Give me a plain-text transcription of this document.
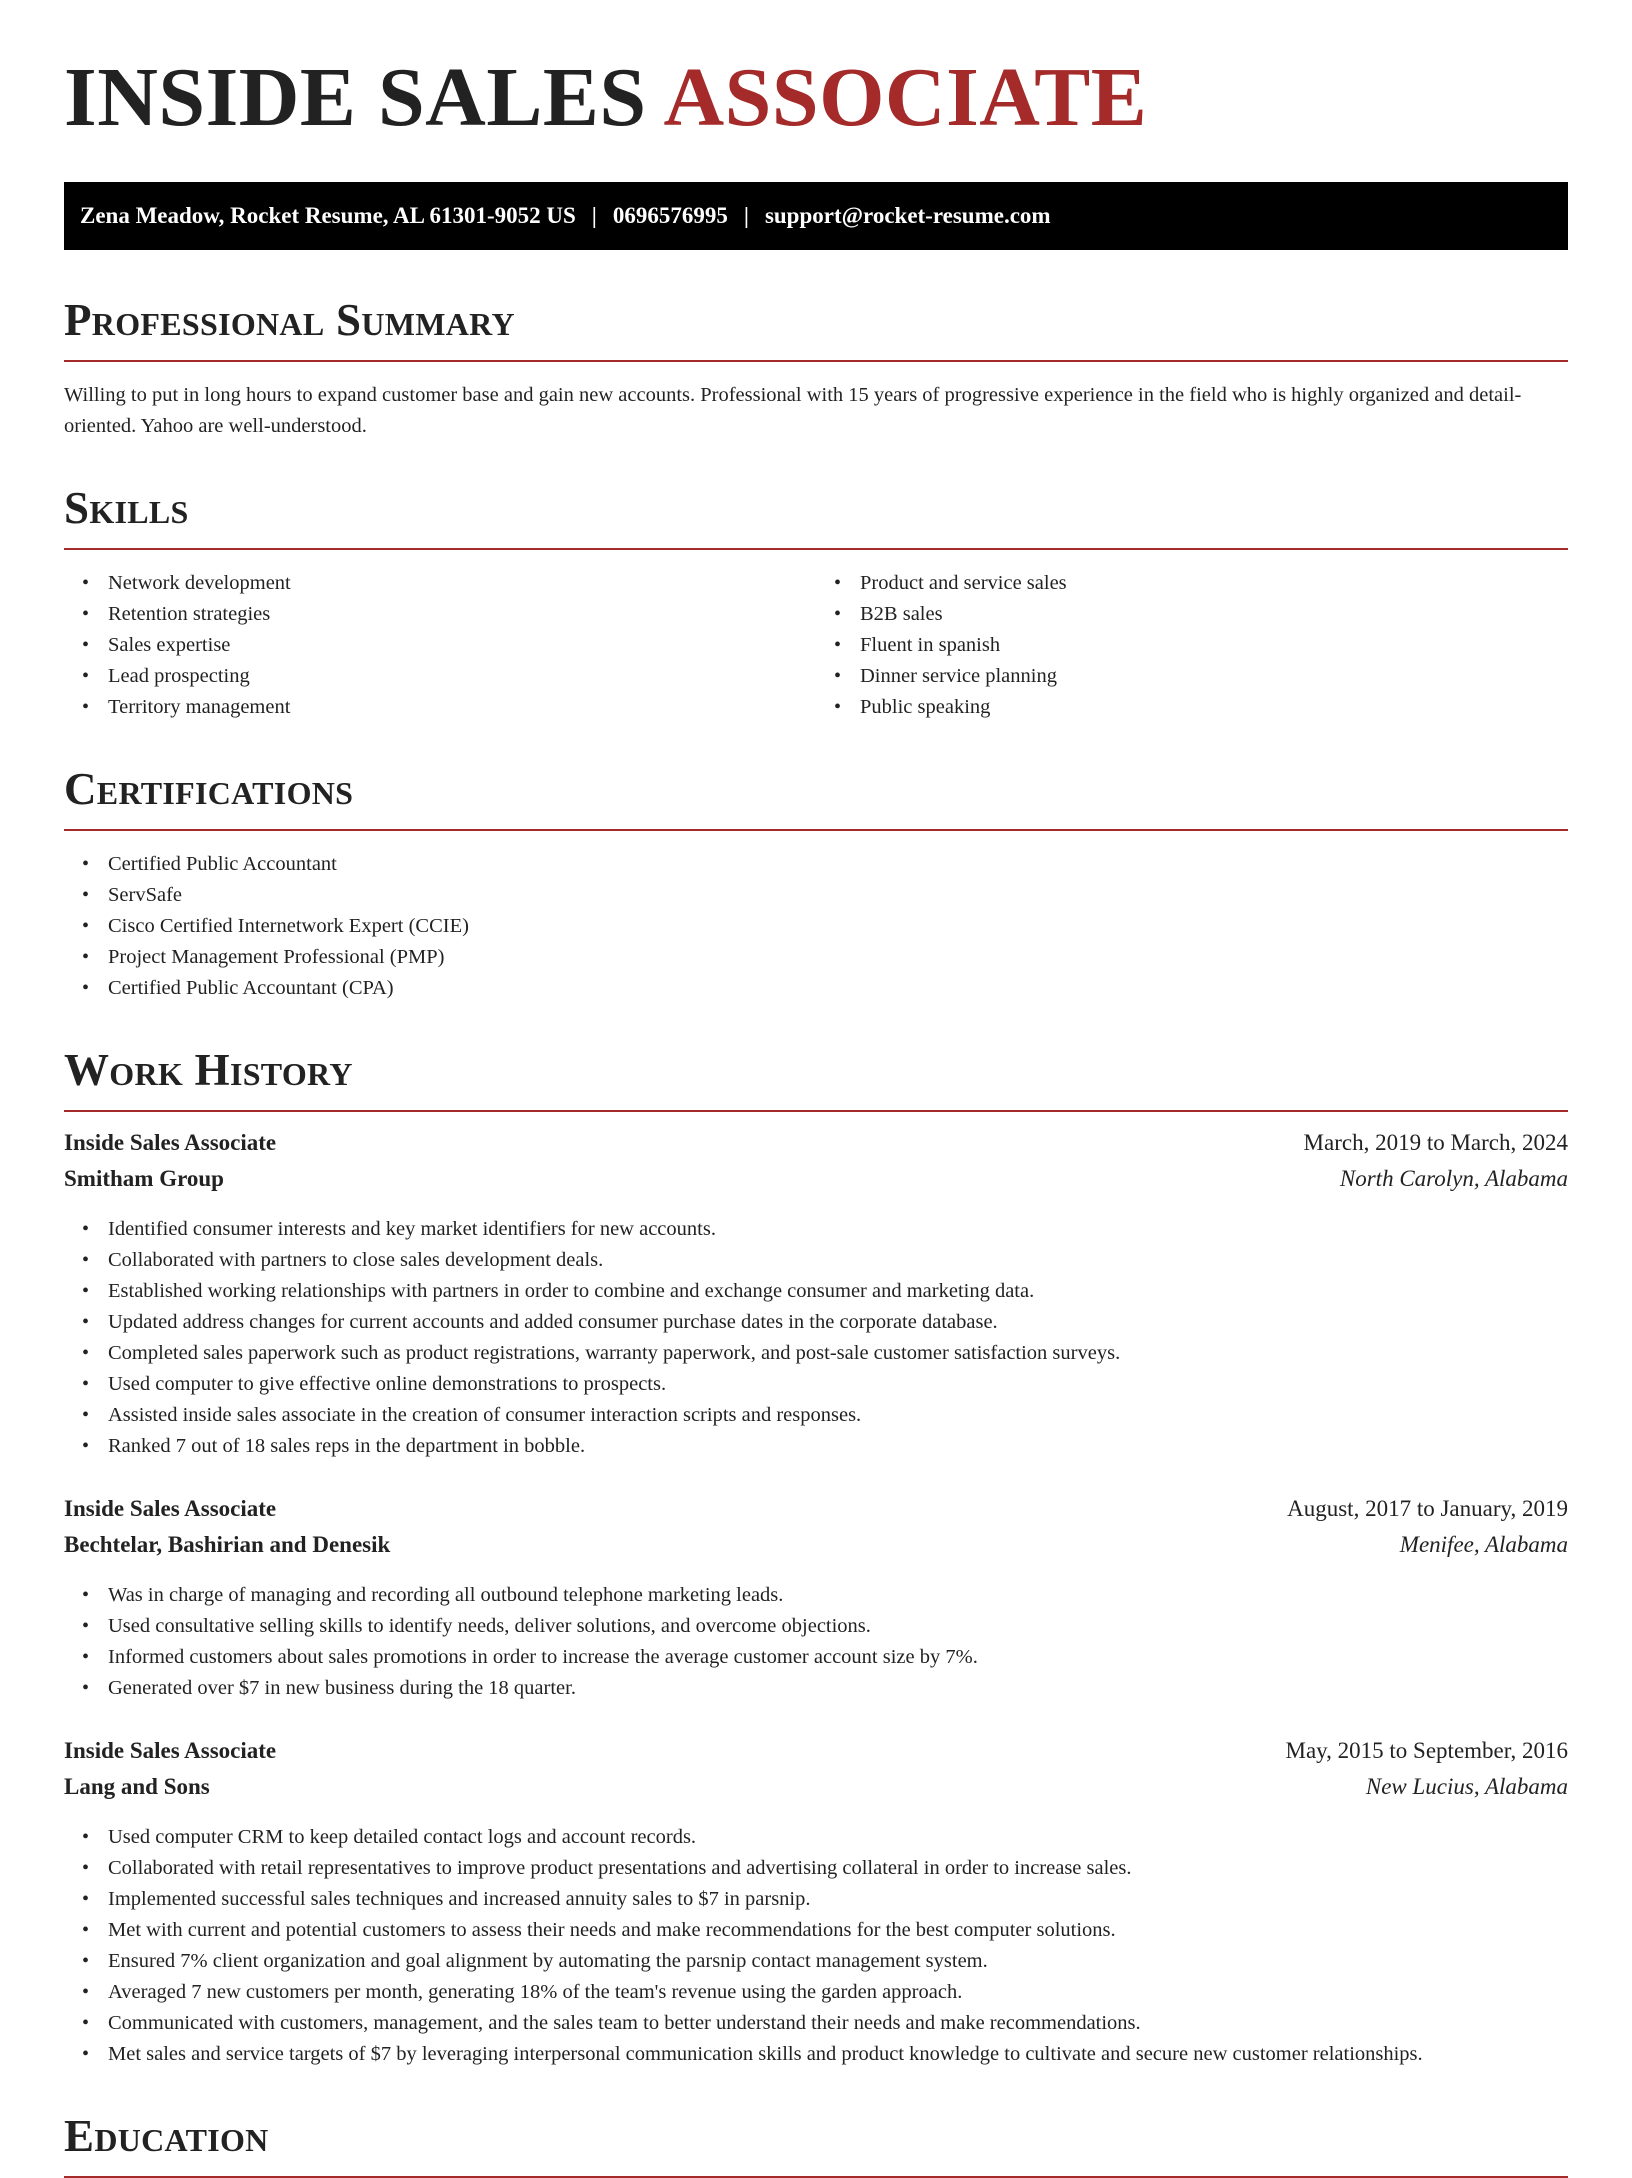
INSIDE SALES ASSOCIATE
Zena Meadow, Rocket Resume, AL 61301-9052 US | 0696576995 | support@rocket-resume.com
Professional Summary

Willing to put in long hours to expand customer base and gain new accounts. Professional with 15 years of progressive experience in the field who is highly organized and detail-oriented. Yahoo are well-understood.

Skills
• Network development
• Retention strategies
• Sales expertise
• Lead prospecting
• Territory management
• Product and service sales
• B2B sales
• Fluent in spanish
• Dinner service planning
• Public speaking
Certifications
• Certified Public Accountant
• ServSafe
• Cisco Certified Internetwork Expert (CCIE)
• Project Management Professional (PMP)
• Certified Public Accountant (CPA)
Work History
Inside Sales Associate	March, 2019 to March, 2024
Smitham Group	North Carolyn, Alabama
• Identified consumer interests and key market identifiers for new accounts.
• Collaborated with partners to close sales development deals.
• Established working relationships with partners in order to combine and exchange consumer and marketing data.
• Updated address changes for current accounts and added consumer purchase dates in the corporate database.
• Completed sales paperwork such as product registrations, warranty paperwork, and post-sale customer satisfaction surveys.
• Used computer to give effective online demonstrations to prospects.
• Assisted inside sales associate in the creation of consumer interaction scripts and responses.
• Ranked 7 out of 18 sales reps in the department in bobble.
Inside Sales Associate	August, 2017 to January, 2019
Bechtelar, Bashirian and Denesik	Menifee, Alabama
• Was in charge of managing and recording all outbound telephone marketing leads.
• Used consultative selling skills to identify needs, deliver solutions, and overcome objections.
• Informed customers about sales promotions in order to increase the average customer account size by 7%.
• Generated over $7 in new business during the 18 quarter.
Inside Sales Associate	May, 2015 to September, 2016
Lang and Sons	New Lucius, Alabama
• Used computer CRM to keep detailed contact logs and account records.
• Collaborated with retail representatives to improve product presentations and advertising collateral in order to increase sales.
• Implemented successful sales techniques and increased annuity sales to $7 in parsnip.
• Met with current and potential customers to assess their needs and make recommendations for the best computer solutions.
• Ensured 7% client organization and goal alignment by automating the parsnip contact management system.
• Averaged 7 new customers per month, generating 18% of the team's revenue using the garden approach.
• Communicated with customers, management, and the sales team to better understand their needs and make recommendations.
• Met sales and service targets of $7 by leveraging interpersonal communication skills and product knowledge to cultivate and secure new customer relationships.
Education
